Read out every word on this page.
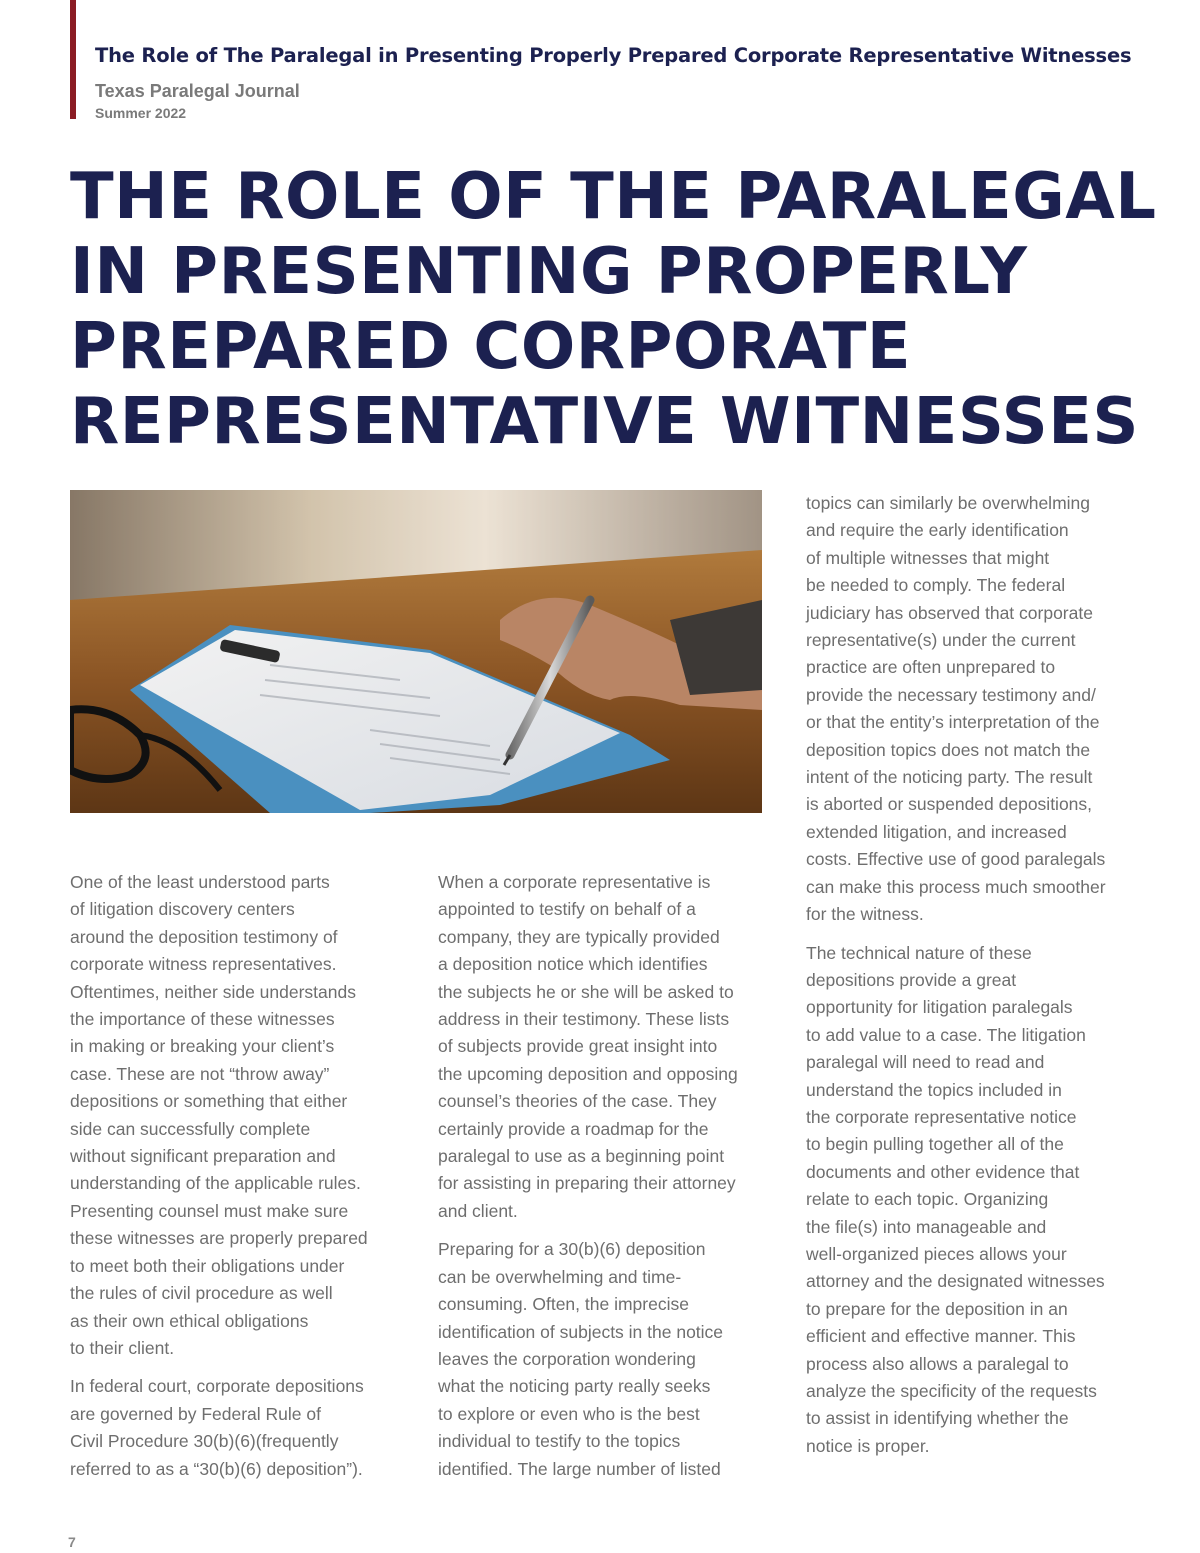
The Role of The Paralegal in Presenting Properly Prepared Corporate Representative Witnesses
Texas Paralegal Journal
Summer 2022
THE ROLE OF THE PARALEGAL
IN PRESENTING PROPERLY
PREPARED CORPORATE
REPRESENTATIVE WITNESSES

One of the least understood parts
of litigation discovery centers
around the deposition testimony of
corporate witness representatives.
Oftentimes, neither side understands
the importance of these witnesses
in making or breaking your client’s
case. These are not “throw away”
depositions or something that either
side can successfully complete
without significant preparation and
understanding of the applicable rules.
Presenting counsel must make sure
these witnesses are properly prepared
to meet both their obligations under
the rules of civil procedure as well
as their own ethical obligations
to their client.

In federal court, corporate depositions
are governed by Federal Rule of
Civil Procedure 30(b)(6)(frequently
referred to as a “30(b)(6) deposition”).

When a corporate representative is
appointed to testify on behalf of a
company, they are typically provided
a deposition notice which identifies
the subjects he or she will be asked to
address in their testimony. These lists
of subjects provide great insight into
the upcoming deposition and opposing
counsel’s theories of the case. They
certainly provide a roadmap for the
paralegal to use as a beginning point
for assisting in preparing their attorney
and client.

Preparing for a 30(b)(6) deposition
can be overwhelming and time-
consuming. Often, the imprecise
identification of subjects in the notice
leaves the corporation wondering
what the noticing party really seeks
to explore or even who is the best
individual to testify to the topics
identified. The large number of listed

topics can similarly be overwhelming
and require the early identification
of multiple witnesses that might
be needed to comply. The federal
judiciary has observed that corporate
representative(s) under the current
practice are often unprepared to
provide the necessary testimony and/
or that the entity’s interpretation of the
deposition topics does not match the
intent of the noticing party. The result
is aborted or suspended depositions,
extended litigation, and increased
costs. Effective use of good paralegals
can make this process much smoother
for the witness.

The technical nature of these
depositions provide a great
opportunity for litigation paralegals
to add value to a case. The litigation
paralegal will need to read and
understand the topics included in
the corporate representative notice
to begin pulling together all of the
documents and other evidence that
relate to each topic. Organizing
the file(s) into manageable and
well-organized pieces allows your
attorney and the designated witnesses
to prepare for the deposition in an
efficient and effective manner. This
process also allows a paralegal to
analyze the specificity of the requests
to assist in identifying whether the
notice is proper.

7
